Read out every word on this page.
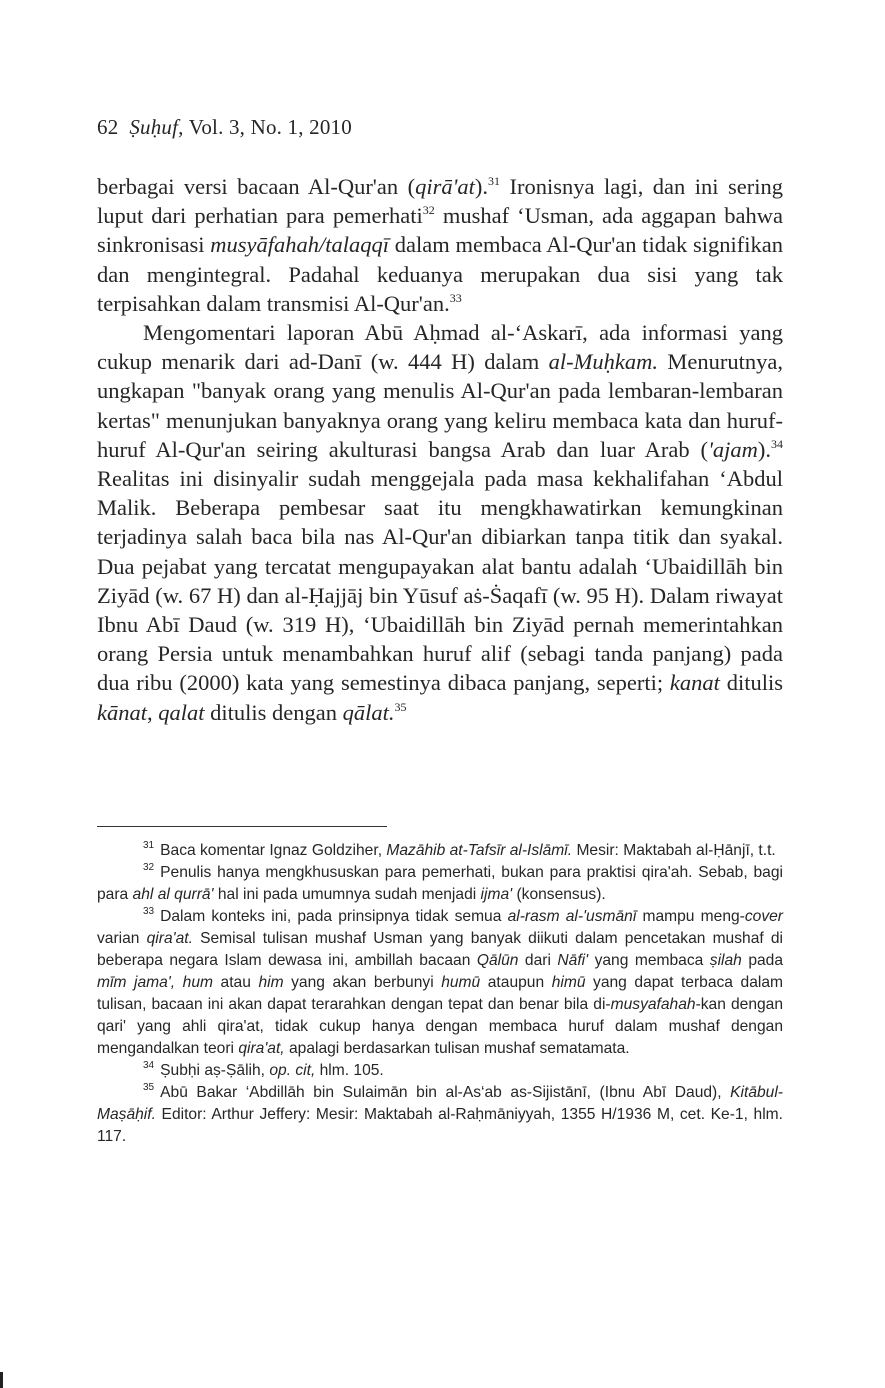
62 Ṣuḥuf, Vol. 3, No. 1, 2010

berbagai versi bacaan Al-Qur'an (qirā'at).$^{31}$ Ironisnya lagi, dan ini sering luput dari perhatian para pemerhati$^{32}$ mushaf ‘Usman, ada aggapan bahwa sinkronisasi musyāfahah/talaqqī dalam membaca Al-Qur'an tidak signifikan dan mengintegral. Padahal keduanya merupakan dua sisi yang tak terpisahkan dalam transmisi Al-Qur'an.$^{33}$

Mengomentari laporan Abū Aḥmad al-‘Askarī, ada informasi yang cukup menarik dari ad-Danī (w. 444 H) dalam al-Muḥkam. Menurutnya, ungkapan "banyak orang yang menulis Al-Qur'an pada lembaran-lembaran kertas" menunjukan banyaknya orang yang keliru membaca kata dan huruf-huruf Al-Qur'an seiring akulturasi bangsa Arab dan luar Arab ('ajam).$^{34}$ Realitas ini disinyalir sudah menggejala pada masa kekhalifahan ‘Abdul Malik. Beberapa pembesar saat itu mengkhawatirkan kemungkinan terjadinya salah baca bila nas Al-Qur'an dibiarkan tanpa titik dan syakal. Dua pejabat yang tercatat mengupayakan alat bantu adalah ‘Ubaidillāh bin Ziyād (w. 67 H) dan al-Ḥajjāj bin Yūsuf aṡ-Ṡaqafī (w. 95 H). Dalam riwayat Ibnu Abī Daud (w. 319 H), ‘Ubaidillāh bin Ziyād pernah memerintahkan orang Persia untuk menambahkan huruf alif (sebagi tanda panjang) pada dua ribu (2000) kata yang semestinya dibaca panjang, seperti; kanat ditulis kānat, qalat ditulis dengan qālat.$^{35}$

$^{31}$ Baca komentar Ignaz Goldziher, Mazāhib at-Tafsīr al-Islāmī. Mesir: Maktabah al-Ḥānjī, t.t.

$^{32}$ Penulis hanya mengkhususkan para pemerhati, bukan para praktisi qira'ah. Sebab, bagi para ahl al qurrā' hal ini pada umumnya sudah menjadi ijma' (konsensus).

$^{33}$ Dalam konteks ini, pada prinsipnya tidak semua al-rasm al-'usmānī mampu meng-cover varian qira'at. Semisal tulisan mushaf Usman yang banyak diikuti dalam pencetakan mushaf di beberapa negara Islam dewasa ini, ambillah bacaan Qālūn dari Nāfi' yang membaca ṣilah pada mīm jama', hum atau him yang akan berbunyi humū ataupun himū yang dapat terbaca dalam tulisan, bacaan ini akan dapat terarahkan dengan tepat dan benar bila di-musyafahah-kan dengan qari' yang ahli qira'at, tidak cukup hanya dengan membaca huruf dalam mushaf dengan mengandalkan teori qira'at, apalagi berdasarkan tulisan mushaf sematamata.

$^{34}$ Ṣubḥi aṣ-Ṣālih, op. cit, hlm. 105.

$^{35}$ Abū Bakar ‘Abdillāh bin Sulaimān bin al-As‘ab as-Sijistānī, (Ibnu Abī Daud), Kitābul-Maṣāḥif. Editor: Arthur Jeffery: Mesir: Maktabah al-Raḥmāniyyah, 1355 H/1936 M, cet. Ke-1, hlm. 117.
